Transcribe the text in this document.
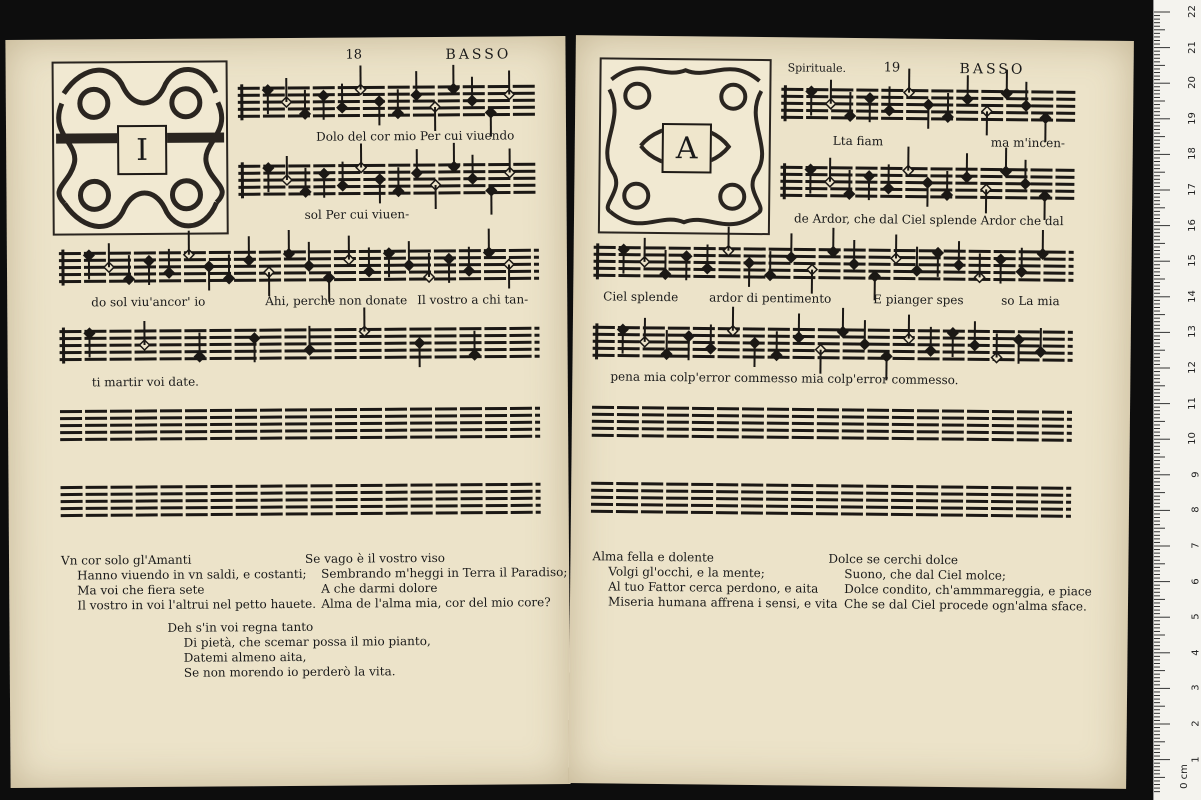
18	BASSO
I	Dolo del cor mio Per cui viuendo
sol Per cui viuen-
do sol viu'ancor' io	Ahi, perche non donate Il vostro a chi tan-
ti martir voi date.
Vn cor solo gl'Amanti
Hanno viuendo in vn saldi, e costanti;
Ma voi che fiera sete
Il vostro in voi l'altrui nel petto hauete.
Se vago è il vostro viso
Sembrando m'heggi in Terra il Paradiso;
A che darmi dolore
Alma de l'alma mia, cor del mio core?
Deh s'in voi regna tanto
Di pietà, che scemar possa il mio pianto,
Datemi almeno aita,
Se non morendo io perderò la vita.
Spirituale.	19	BASSO
A	Lta fiam	ma m'incen-
de Ardor, che dal Ciel splende Ardor che dal
Ciel splende	ardor di pentimento	E pianger spes	so La mia
pena mia colp'error commesso mia colp'error commesso.
Alma fella e dolente
Volgi gl'occhi, e la mente;
Al tuo Fattor cerca perdono, e aita
Miseria humana affrena i sensi, e vita
Dolce se cerchi dolce
Suono, che dal Ciel molce;
Dolce condito, ch'ammmareggia, e piace
Che se dal Ciel procede ogn'alma sface.
22
21
20
19
18
17
16
15
14
13
12
11
10
9
8
7
6
5
4
3
2
1
0 cm
